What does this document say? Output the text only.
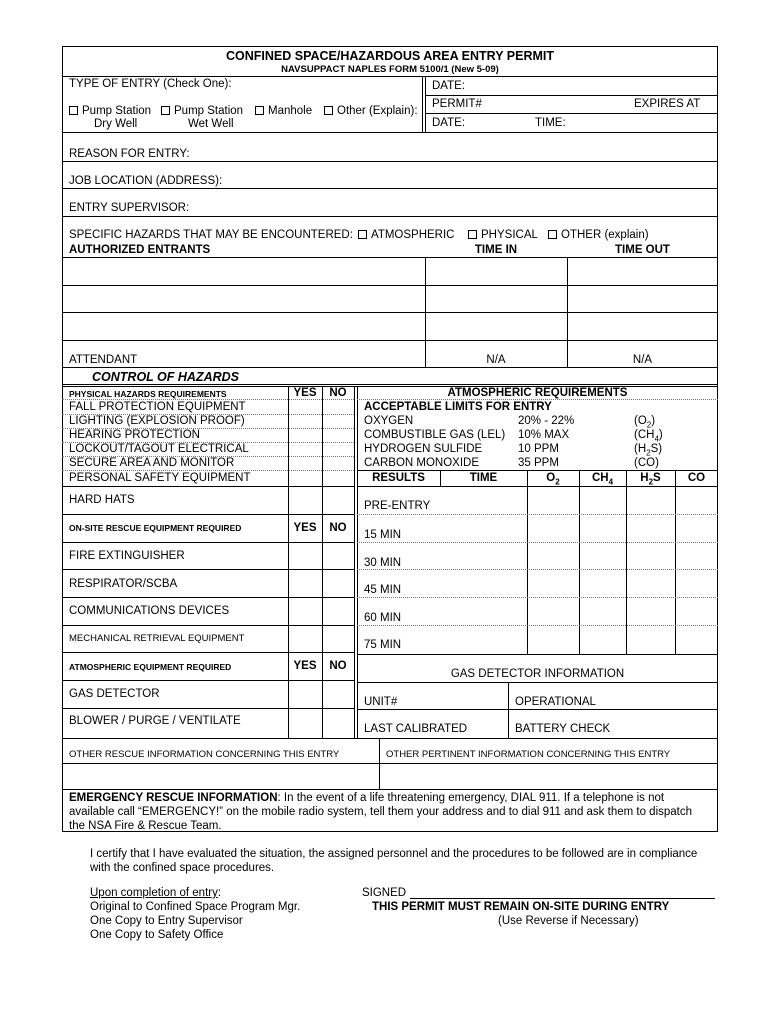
CONFINED SPACE/HAZARDOUS AREA ENTRY PERMIT
NAVSUPPACT NAPLES FORM 5100/1 (New 5-09)
TYPE OF ENTRY (Check One):	DATE:
PERMIT#	EXPIRES AT
DATE:	TIME:
Pump Station
Dry Well
Pump Station
Wet Well
Manhole	Other (Explain):
REASON FOR ENTRY:
JOB LOCATION (ADDRESS):
ENTRY SUPERVISOR:
SPECIFIC HAZARDS THAT MAY BE ENCOUNTERED:	ATMOSPHERIC	PHYSICAL	OTHER (explain)
AUTHORIZED ENTRANTS	TIME IN	TIME OUT
ATTENDANT	N/A	N/A
CONTROL OF HAZARDS
PHYSICAL HAZARDS REQUIREMENTS	YES	NO
FALL PROTECTION EQUIPMENT
LIGHTING (EXPLOSION PROOF)
HEARING PROTECTION
LOCKOUT/TAGOUT ELECTRICAL
SECURE AREA AND MONITOR
PERSONAL SAFETY EQUIPMENT
HARD HATS
ON-SITE RESCUE EQUIPMENT REQUIRED	YES	NO
FIRE EXTINGUISHER
RESPIRATOR/SCBA
COMMUNICATIONS DEVICES
MECHANICAL RETRIEVAL EQUIPMENT
ATMOSPHERIC EQUIPMENT REQUIRED	YES	NO
GAS DETECTOR
BLOWER / PURGE / VENTILATE
ATMOSPHERIC REQUIREMENTS
ACCEPTABLE LIMITS FOR ENTRY
OXYGEN	20% - 22%	$(O_2)$
COMBUSTIBLE GAS (LEL) 10% MAX	$(CH_4)$
HYDROGEN SULFIDE	10 PPM	$(H_2S)$
CARBON MONOXIDE	35 PPM	(CO)
RESULTS	TIME	$O_2$	$CH_4$	$H_2S$	CO
PRE-ENTRY
15 MIN
30 MIN
45 MIN
60 MIN
75 MIN
GAS DETECTOR INFORMATION
UNIT#	OPERATIONAL
LAST CALIBRATED	BATTERY CHECK
OTHER RESCUE INFORMATION CONCERNING THIS ENTRY	OTHER PERTINENT INFORMATION CONCERNING THIS ENTRY
EMERGENCY RESCUE INFORMATION: In the event of a life threatening emergency, DIAL 911. If a telephone is not available call “EMERGENCY!” on the mobile radio system, tell them your address and to dial 911 and ask them to dispatch the NSA Fire & Rescue Team.
I certify that I have evaluated the situation, the assigned personnel and the procedures to be followed are in compliance with the confined space procedures.
Upon completion of entry:
Original to Confined Space Program Mgr.
One Copy to Entry Supervisor
One Copy to Safety Office
SIGNED
THIS PERMIT MUST REMAIN ON-SITE DURING ENTRY
(Use Reverse if Necessary)
